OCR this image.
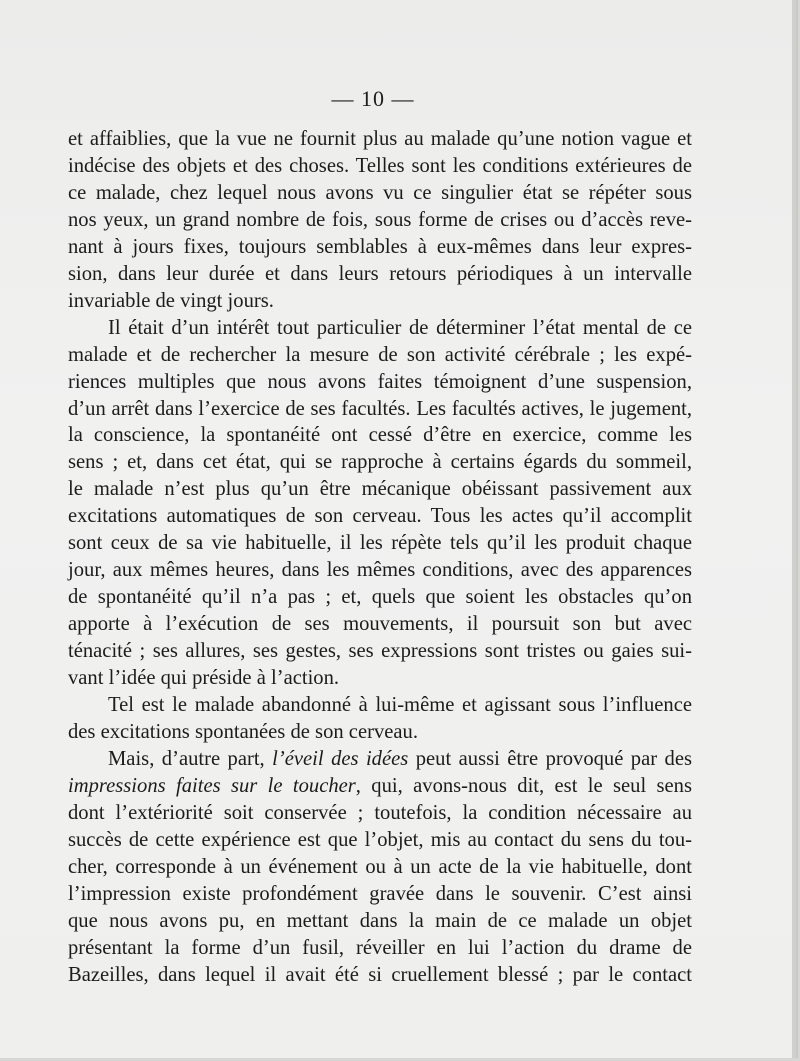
— 10 —
et affaiblies, que la vue ne fournit plus au malade qu’une notion vague et
indécise des objets et des choses. Telles sont les conditions extérieures de
ce malade, chez lequel nous avons vu ce singulier état se répéter sous
nos yeux, un grand nombre de fois, sous forme de crises ou d’accès reve-
nant à jours fixes, toujours semblables à eux-mêmes dans leur expres-
sion, dans leur durée et dans leurs retours périodiques à un intervalle
invariable de vingt jours.
Il était d’un intérêt tout particulier de déterminer l’état mental de ce
malade et de rechercher la mesure de son activité cérébrale ; les expé-
riences multiples que nous avons faites témoignent d’une suspension,
d’un arrêt dans l’exercice de ses facultés. Les facultés actives, le jugement,
la conscience, la spontanéité ont cessé d’être en exercice, comme les
sens ; et, dans cet état, qui se rapproche à certains égards du sommeil,
le malade n’est plus qu’un être mécanique obéissant passivement aux
excitations automatiques de son cerveau. Tous les actes qu’il accomplit
sont ceux de sa vie habituelle, il les répète tels qu’il les produit chaque
jour, aux mêmes heures, dans les mêmes conditions, avec des apparences
de spontanéité qu’il n’a pas ; et, quels que soient les obstacles qu’on
apporte à l’exécution de ses mouvements, il poursuit son but avec
ténacité ; ses allures, ses gestes, ses expressions sont tristes ou gaies sui-
vant l’idée qui préside à l’action.
Tel est le malade abandonné à lui-même et agissant sous l’influence
des excitations spontanées de son cerveau.
Mais, d’autre part, l’éveil des idées peut aussi être provoqué par des
impressions faites sur le toucher, qui, avons-nous dit, est le seul sens
dont l’extériorité soit conservée ; toutefois, la condition nécessaire au
succès de cette expérience est que l’objet, mis au contact du sens du tou-
cher, corresponde à un événement ou à un acte de la vie habituelle, dont
l’impression existe profondément gravée dans le souvenir. C’est ainsi
que nous avons pu, en mettant dans la main de ce malade un objet
présentant la forme d’un fusil, réveiller en lui l’action du drame de
Bazeilles, dans lequel il avait été si cruellement blessé ; par le contact
